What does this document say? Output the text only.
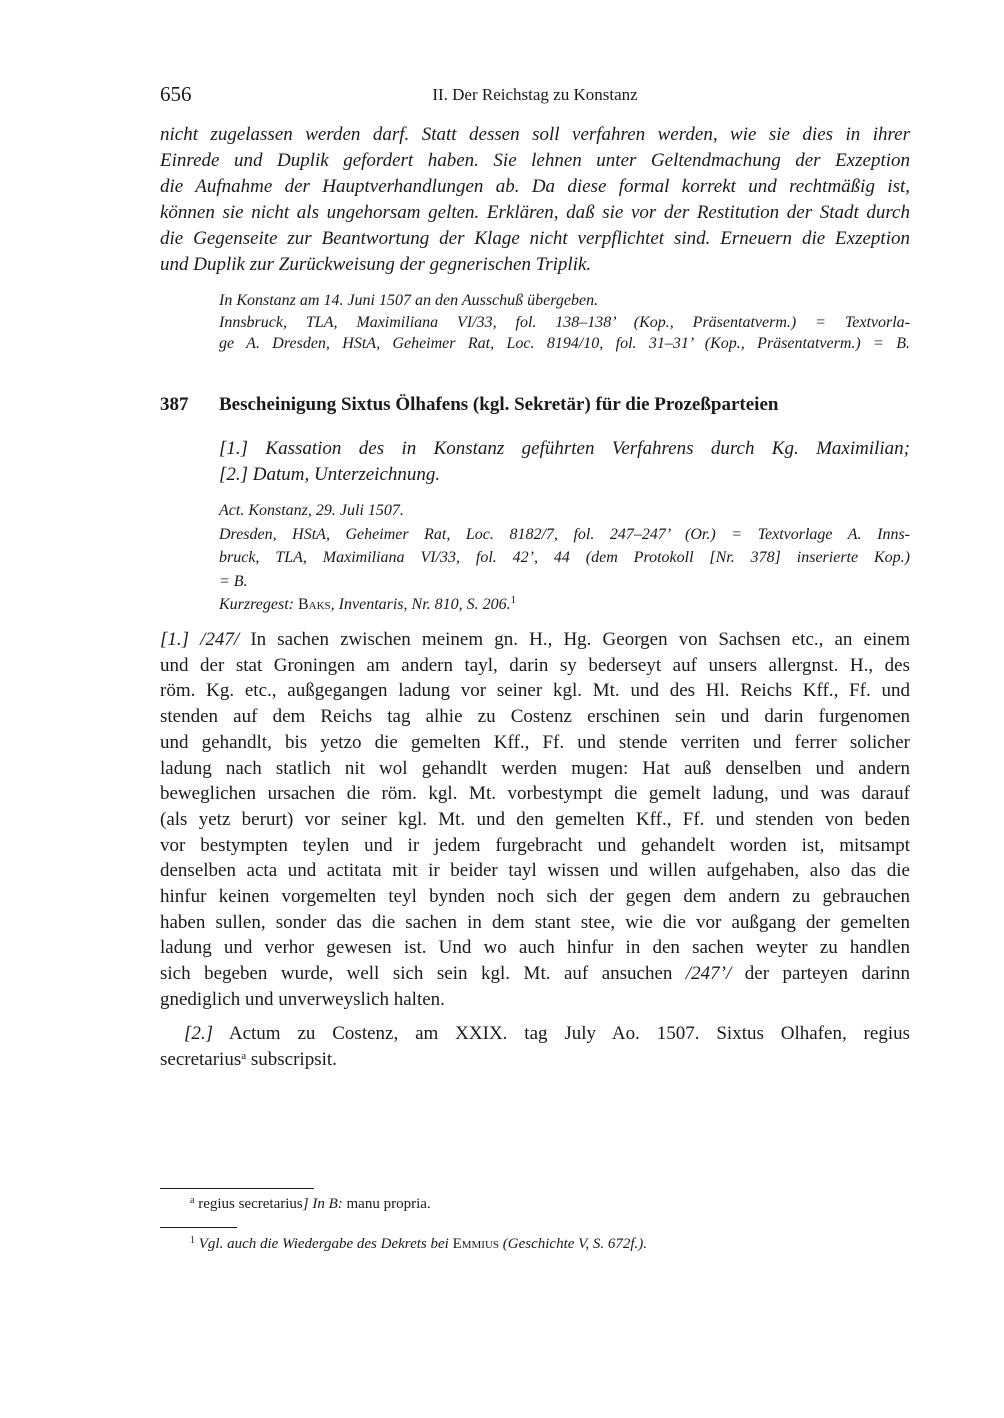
656	II. Der Reichstag zu Konstanz
nicht zugelassen werden darf. Statt dessen soll verfahren werden, wie sie dies in ihrer
Einrede und Duplik gefordert haben. Sie lehnen unter Geltendmachung der Exzeption
die Aufnahme der Hauptverhandlungen ab. Da diese formal korrekt und rechtmäßig ist,
können sie nicht als ungehorsam gelten. Erklären, daß sie vor der Restitution der Stadt durch
die Gegenseite zur Beantwortung der Klage nicht verpflichtet sind. Erneuern die Exzeption
und Duplik zur Zurückweisung der gegnerischen Triplik.
In Konstanz am 14. Juni 1507 an den Ausschuß übergeben.
Innsbruck, TLA, Maximiliana VI/33, fol. 138–138’ (Kop., Präsentatverm.) = Textvorla-
ge A. Dresden, HStA, Geheimer Rat, Loc. 8194/10, fol. 31–31’ (Kop., Präsentatverm.) = B.
387 Bescheinigung Sixtus Ölhafens (kgl. Sekretär) für die Prozeßparteien
[1.] Kassation des in Konstanz geführten Verfahrens durch Kg. Maximilian;
[2.] Datum, Unterzeichnung.
Act. Konstanz, 29. Juli 1507.
Dresden, HStA, Geheimer Rat, Loc. 8182/7, fol. 247–247’ (Or.) = Textvorlage A. Inns-
bruck, TLA, Maximiliana VI/33, fol. 42’, 44 (dem Protokoll [Nr. 378] inserierte Kop.)
= B.
Kurzregest: Baks, Inventaris, Nr. 810, S. 206.$^1$
[1.] /247/ In sachen zwischen meinem gn. H., Hg. Georgen von Sachsen etc., an einem
und der stat Groningen am andern tayl, darin sy bederseyt auf unsers allergnst. H., des
röm. Kg. etc., außgegangen ladung vor seiner kgl. Mt. und des Hl. Reichs Kff., Ff. und
stenden auf dem Reichs tag alhie zu Costenz erschinen sein und darin furgenomen
und gehandlt, bis yetzo die gemelten Kff., Ff. und stende verriten und ferrer solicher
ladung nach statlich nit wol gehandlt werden mugen: Hat auß denselben und andern
beweglichen ursachen die röm. kgl. Mt. vorbestympt die gemelt ladung, und was darauf
(als yetz berurt) vor seiner kgl. Mt. und den gemelten Kff., Ff. und stenden von beden
vor bestympten teylen und ir jedem furgebracht und gehandelt worden ist, mitsampt
denselben acta und actitata mit ir beider tayl wissen und willen aufgehaben, also das die
hinfur keinen vorgemelten teyl bynden noch sich der gegen dem andern zu gebrauchen
haben sullen, sonder das die sachen in dem stant stee, wie die vor außgang der gemelten
ladung und verhor gewesen ist. Und wo auch hinfur in den sachen weyter zu handlen
sich begeben wurde, well sich sein kgl. Mt. auf ansuchen /247’/ der parteyen darinn
gnediglich und unverweyslich halten.
[2.] Actum zu Costenz, am XXIX. tag July Ao. 1507. Sixtus Olhafen, regius
secretarius$^a$ subscripsit.
$^a$ regius secretarius] In B: manu propria.
$^1$ Vgl. auch die Wiedergabe des Dekrets bei Emmius (Geschichte V, S. 672f.).
